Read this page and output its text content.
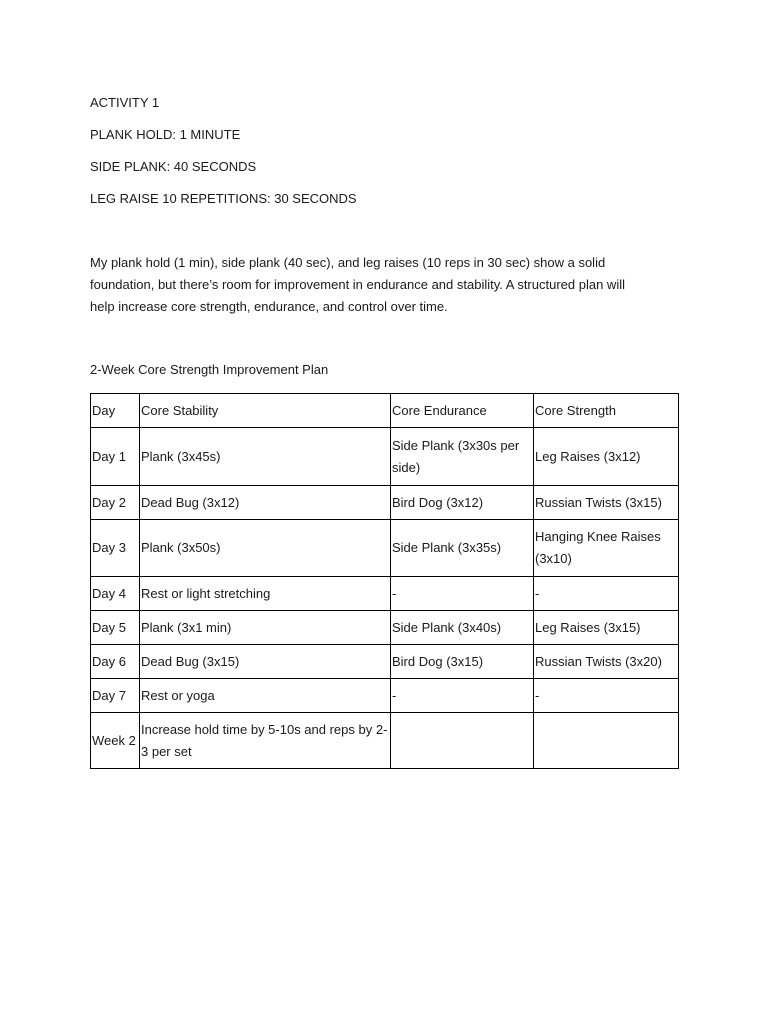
ACTIVITY 1

PLANK HOLD: 1 MINUTE

SIDE PLANK: 40 SECONDS

LEG RAISE 10 REPETITIONS: 30 SECONDS

My plank hold (1 min), side plank (40 sec), and leg raises (10 reps in 30 sec) show a solid
foundation, but there’s room for improvement in endurance and stability. A structured plan will
help increase core strength, endurance, and control over time.

2-Week Core Strength Improvement Plan

Day	Core Stability	Core Endurance	Core Strength
Day 1	Plank (3x45s)	Side Plank (3x30s per side)	Leg Raises (3x12)
Day 2	Dead Bug (3x12)	Bird Dog (3x12)	Russian Twists (3x15)
Day 3	Plank (3x50s)	Side Plank (3x35s)	Hanging Knee Raises (3x10)
Day 4	Rest or light stretching	-	-
Day 5	Plank (3x1 min)	Side Plank (3x40s)	Leg Raises (3x15)
Day 6	Dead Bug (3x15)	Bird Dog (3x15)	Russian Twists (3x20)
Day 7	Rest or yoga	-	-
Week 2	Increase hold time by 5-10s and reps by 2-3 per set		
